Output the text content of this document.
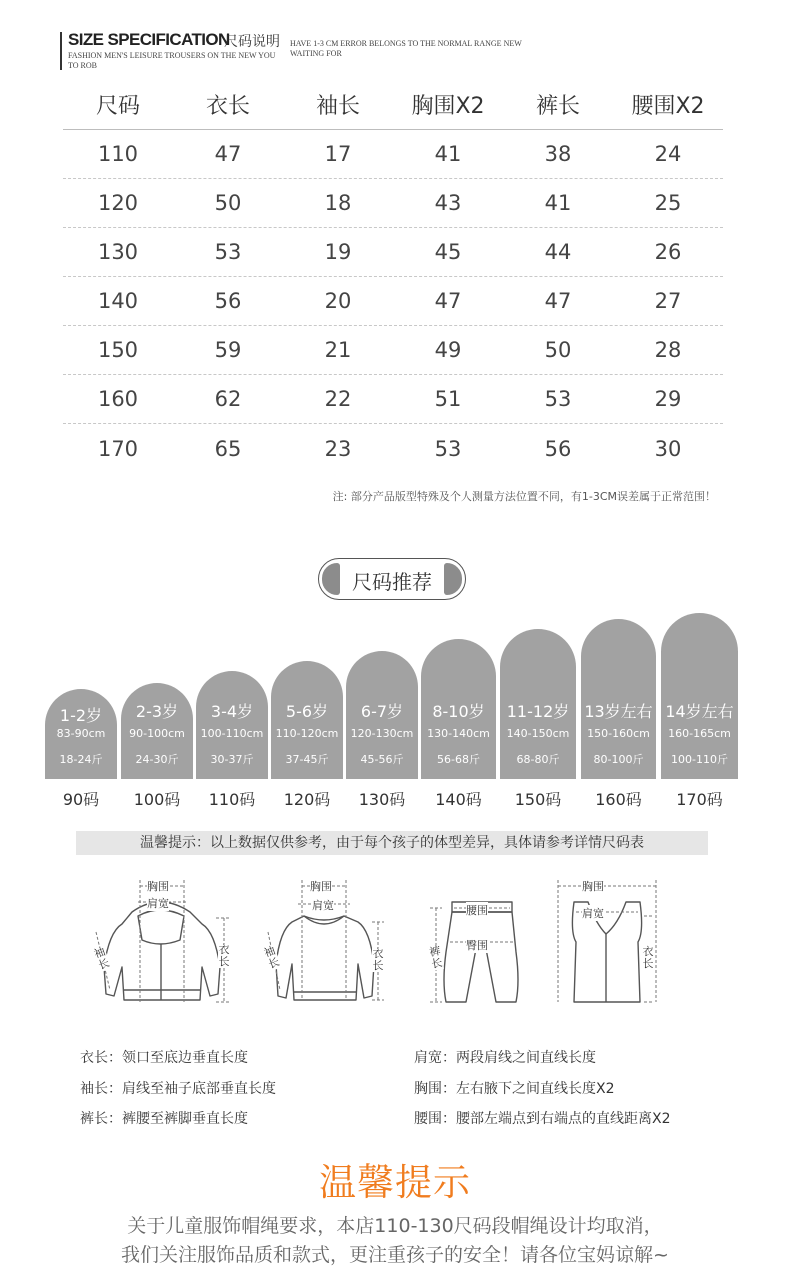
SIZE SPECIFICATION
尺码说明
FASHION MEN'S LEISURE TROUSERS ON THE NEW YOU TO ROB
HAVE 1-3 CM ERROR BELONGS TO THE NORMAL RANGE NEW WAITING FOR
尺码	衣长	袖长	胸围X2	裤长	腰围X2
110	47	17	41	38	24
120	50	18	43	41	25
130	53	19	45	44	26
140	56	20	47	47	27
150	59	21	49	50	28
160	62	22	51	53	29
170	65	23	53	56	30
注: 部分产品版型特殊及个人测量方法位置不同，有1-3CM误差属于正常范围！
尺码推荐
1-2岁
83-90cm
18-24斤
90码
2-3岁
90-100cm
24-30斤
100码
3-4岁
100-110cm
30-37斤
110码
5-6岁
110-120cm
37-45斤
120码
6-7岁
120-130cm
45-56斤
130码
8-10岁
130-140cm
56-68斤
140码
11-12岁
140-150cm
68-80斤
150码
13岁左右
150-160cm
80-100斤
160码
14岁左右
160-165cm
100-110斤
170码
温馨提示：以上数据仅供参考，由于每个孩子的体型差异，具体请参考详情尺码表
胸围
肩宽
衣长
袖长
胸围
肩宽
衣长
袖长
腰围
臀围
裤长
胸围
肩宽
衣长
衣长：领口至底边垂直长度
袖长：肩线至袖子底部垂直长度
裤长：裤腰至裤脚垂直长度
肩宽：两段肩线之间直线长度
胸围：左右腋下之间直线长度X2
腰围：腰部左端点到右端点的直线距离X2
温馨提示
关于儿童服饰帽绳要求，本店110-130尺码段帽绳设计均取消，
我们关注服饰品质和款式，更注重孩子的安全！请各位宝妈谅解~
